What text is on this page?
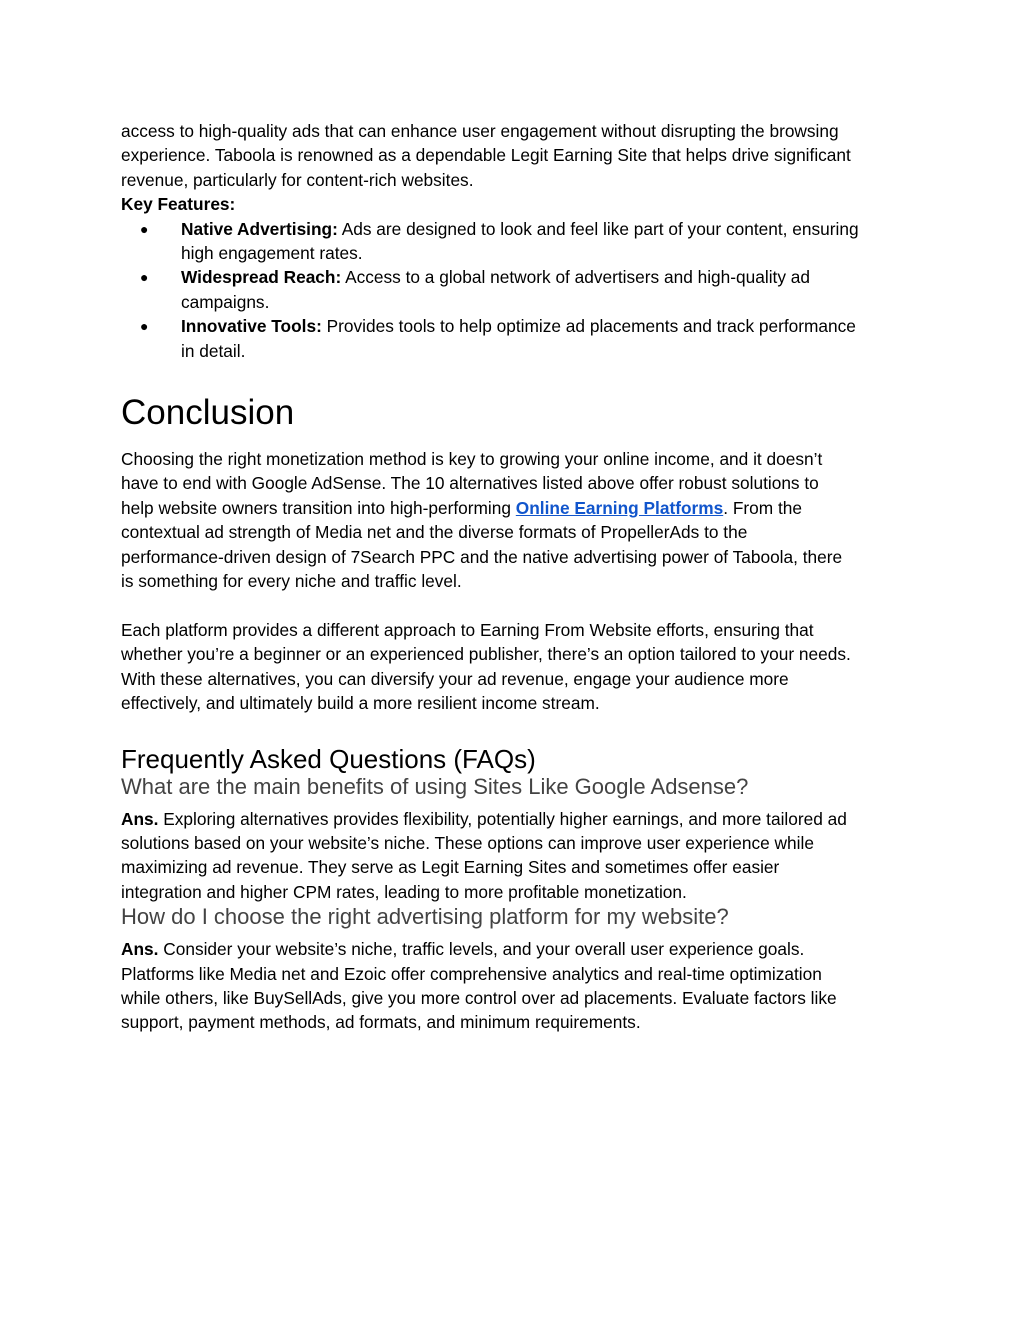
access to high-quality ads that can enhance user engagement without disrupting the browsing

experience. Taboola is renowned as a dependable Legit Earning Site that helps drive significant

revenue, particularly for content-rich websites.

Key Features:

● Native Advertising: Ads are designed to look and feel like part of your content, ensuring
high engagement rates.
● Widespread Reach: Access to a global network of advertisers and high-quality ad
campaigns.
● Innovative Tools: Provides tools to help optimize ad placements and track performance
in detail.
Conclusion

Choosing the right monetization method is key to growing your online income, and it doesn’t

have to end with Google AdSense. The 10 alternatives listed above offer robust solutions to

help website owners transition into high-performing Online Earning Platforms. From the

contextual ad strength of Media net and the diverse formats of PropellerAds to the

performance-driven design of 7Search PPC and the native advertising power of Taboola, there

is something for every niche and traffic level.

Each platform provides a different approach to Earning From Website efforts, ensuring that

whether you’re a beginner or an experienced publisher, there’s an option tailored to your needs.

With these alternatives, you can diversify your ad revenue, engage your audience more

effectively, and ultimately build a more resilient income stream.

Frequently Asked Questions (FAQs)
What are the main benefits of using Sites Like Google Adsense?

Ans. Exploring alternatives provides flexibility, potentially higher earnings, and more tailored ad

solutions based on your website’s niche. These options can improve user experience while

maximizing ad revenue. They serve as Legit Earning Sites and sometimes offer easier

integration and higher CPM rates, leading to more profitable monetization.

How do I choose the right advertising platform for my website?

Ans. Consider your website’s niche, traffic levels, and your overall user experience goals.

Platforms like Media net and Ezoic offer comprehensive analytics and real-time optimization

while others, like BuySellAds, give you more control over ad placements. Evaluate factors like

support, payment methods, ad formats, and minimum requirements.
